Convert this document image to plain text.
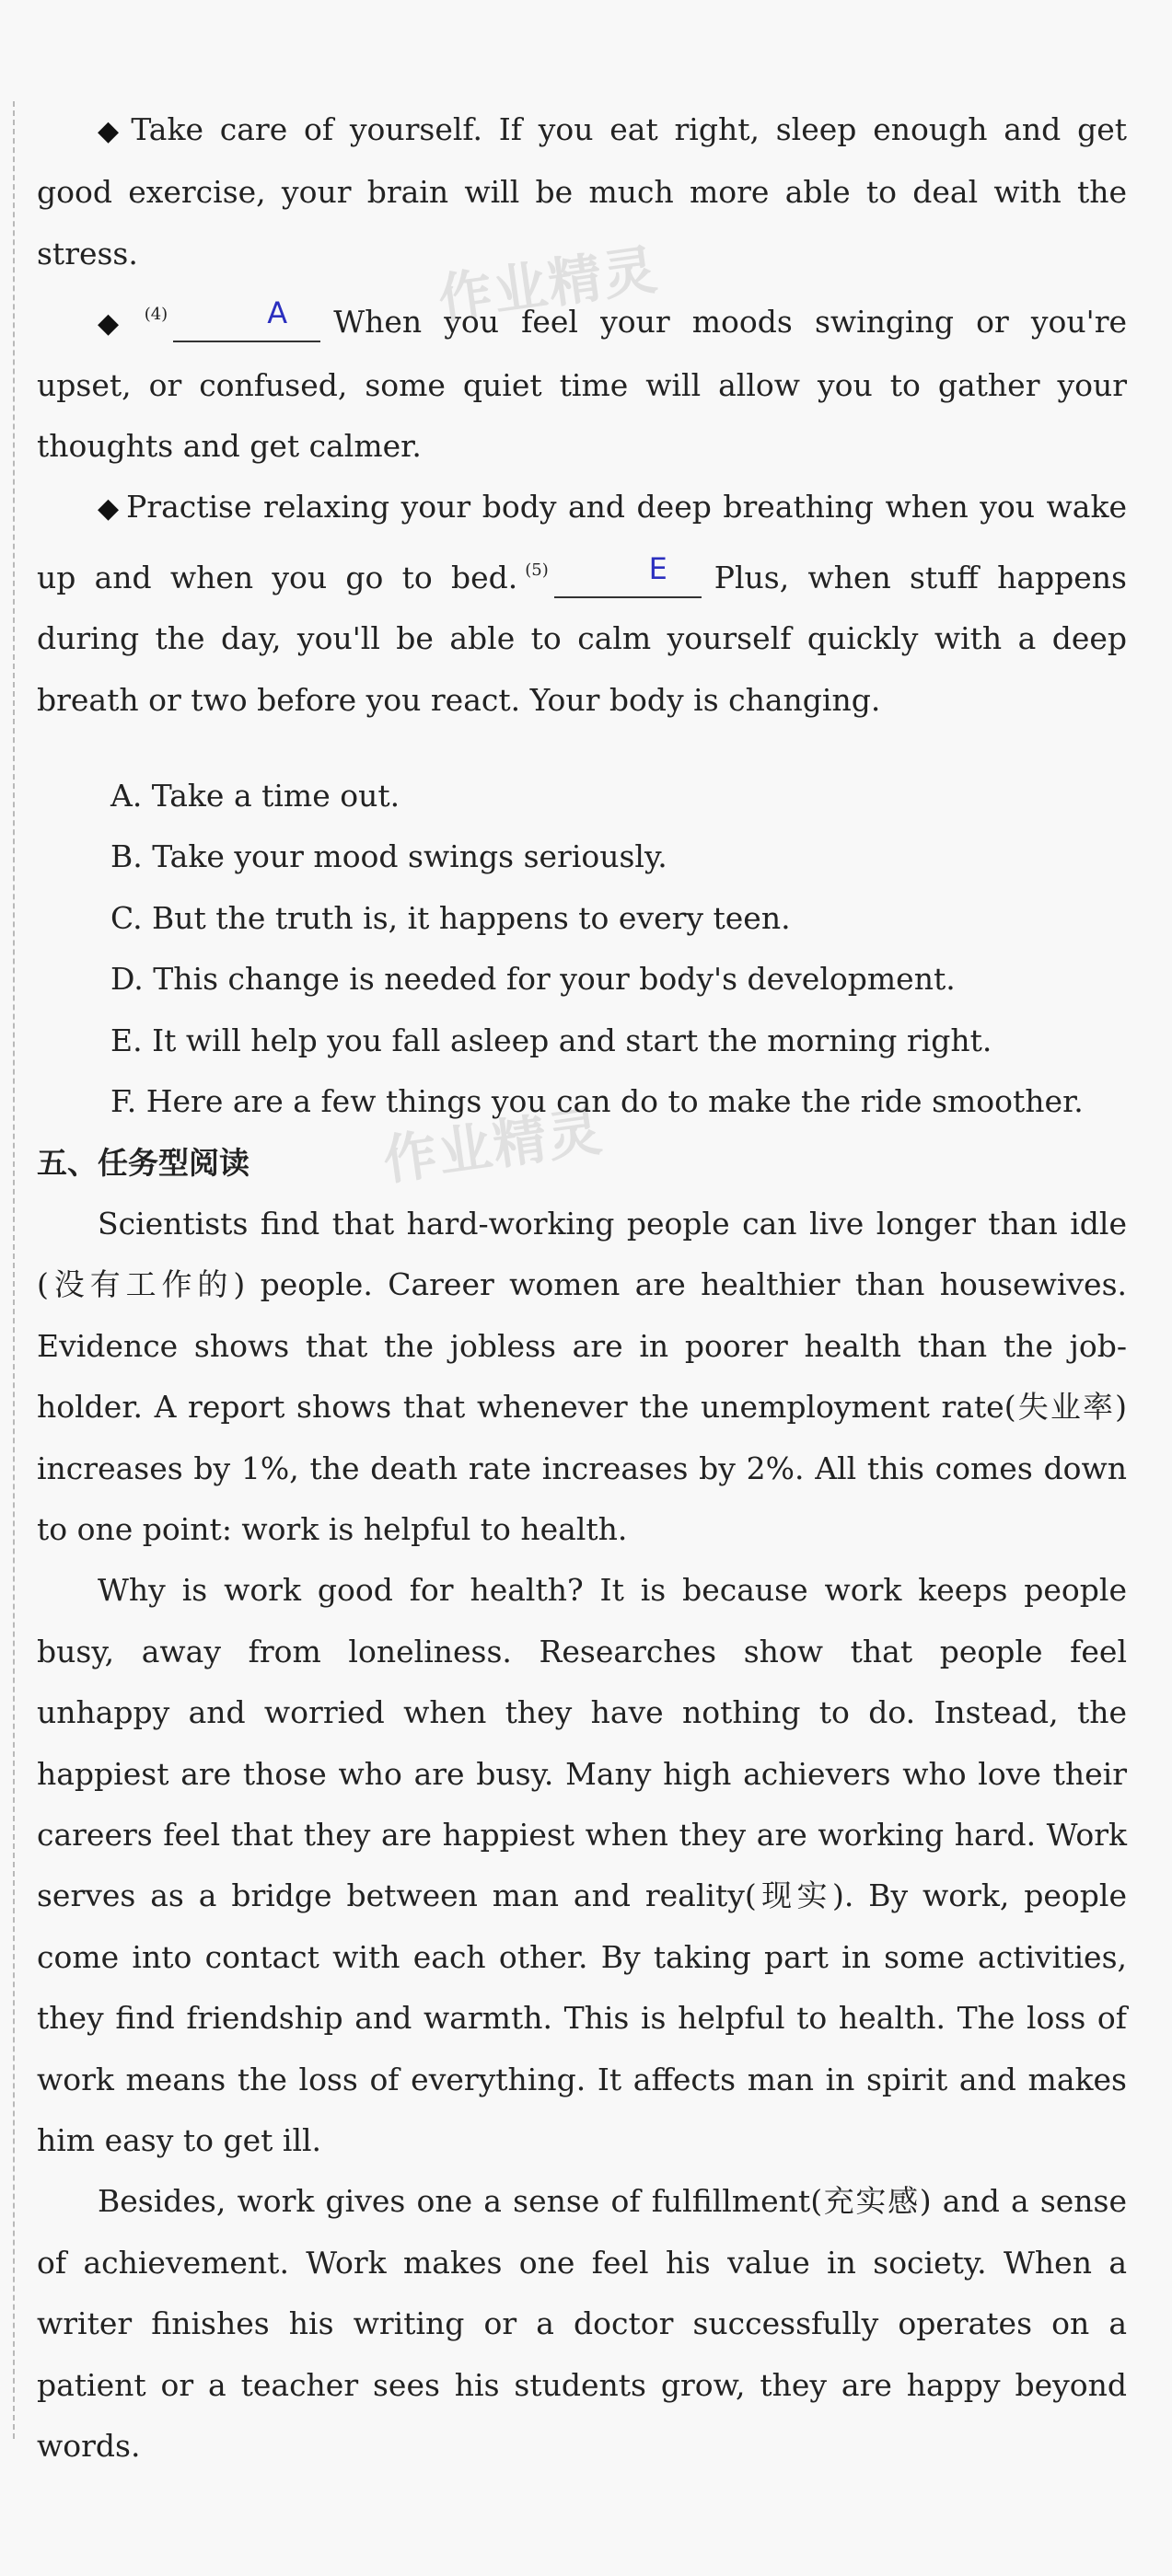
作业精灵
作业精灵

◆ Take care of yourself. If you eat right, sleep enough and get good exercise, your brain will be much more able to deal with the stress.

◆ $^{(4)}$	A When you feel your moods swinging or you're upset, or confused, some quiet time will allow you to gather your thoughts and get calmer.

◆ Practise relaxing your body and deep breathing when you wake up and when you go to bed. $^{(5)}$	E Plus, when stuff happens during the day, you'll be able to calm yourself quickly with a deep breath or two before you react. Your body is changing.

A. Take a time out.

B. Take your mood swings seriously.

C. But the truth is, it happens to every teen.

D. This change is needed for your body's development.

E. It will help you fall asleep and start the morning right.

F. Here are a few things you can do to make the ride smoother.

五、任务型阅读

Scientists find that hard-working people can live longer than idle (没有工作的) people. Career women are healthier than housewives. Evidence shows that the jobless are in poorer health than the job-holder. A report shows that whenever the unemployment rate(失业率) increases by 1%, the death rate increases by 2%. All this comes down to one point: work is helpful to health.

Why is work good for health? It is because work keeps people busy, away from loneliness. Researches show that people feel unhappy and worried when they have nothing to do. Instead, the happiest are those who are busy. Many high achievers who love their careers feel that they are happiest when they are working hard. Work serves as a bridge between man and reality(现实). By work, people come into contact with each other. By taking part in some activities, they find friendship and warmth. This is helpful to health. The loss of work means the loss of everything. It affects man in spirit and makes him easy to get ill.

Besides, work gives one a sense of fulfillment(充实感) and a sense of achievement. Work makes one feel his value in society. When a writer finishes his writing or a doctor successfully operates on a patient or a teacher sees his students grow, they are happy beyond words.
